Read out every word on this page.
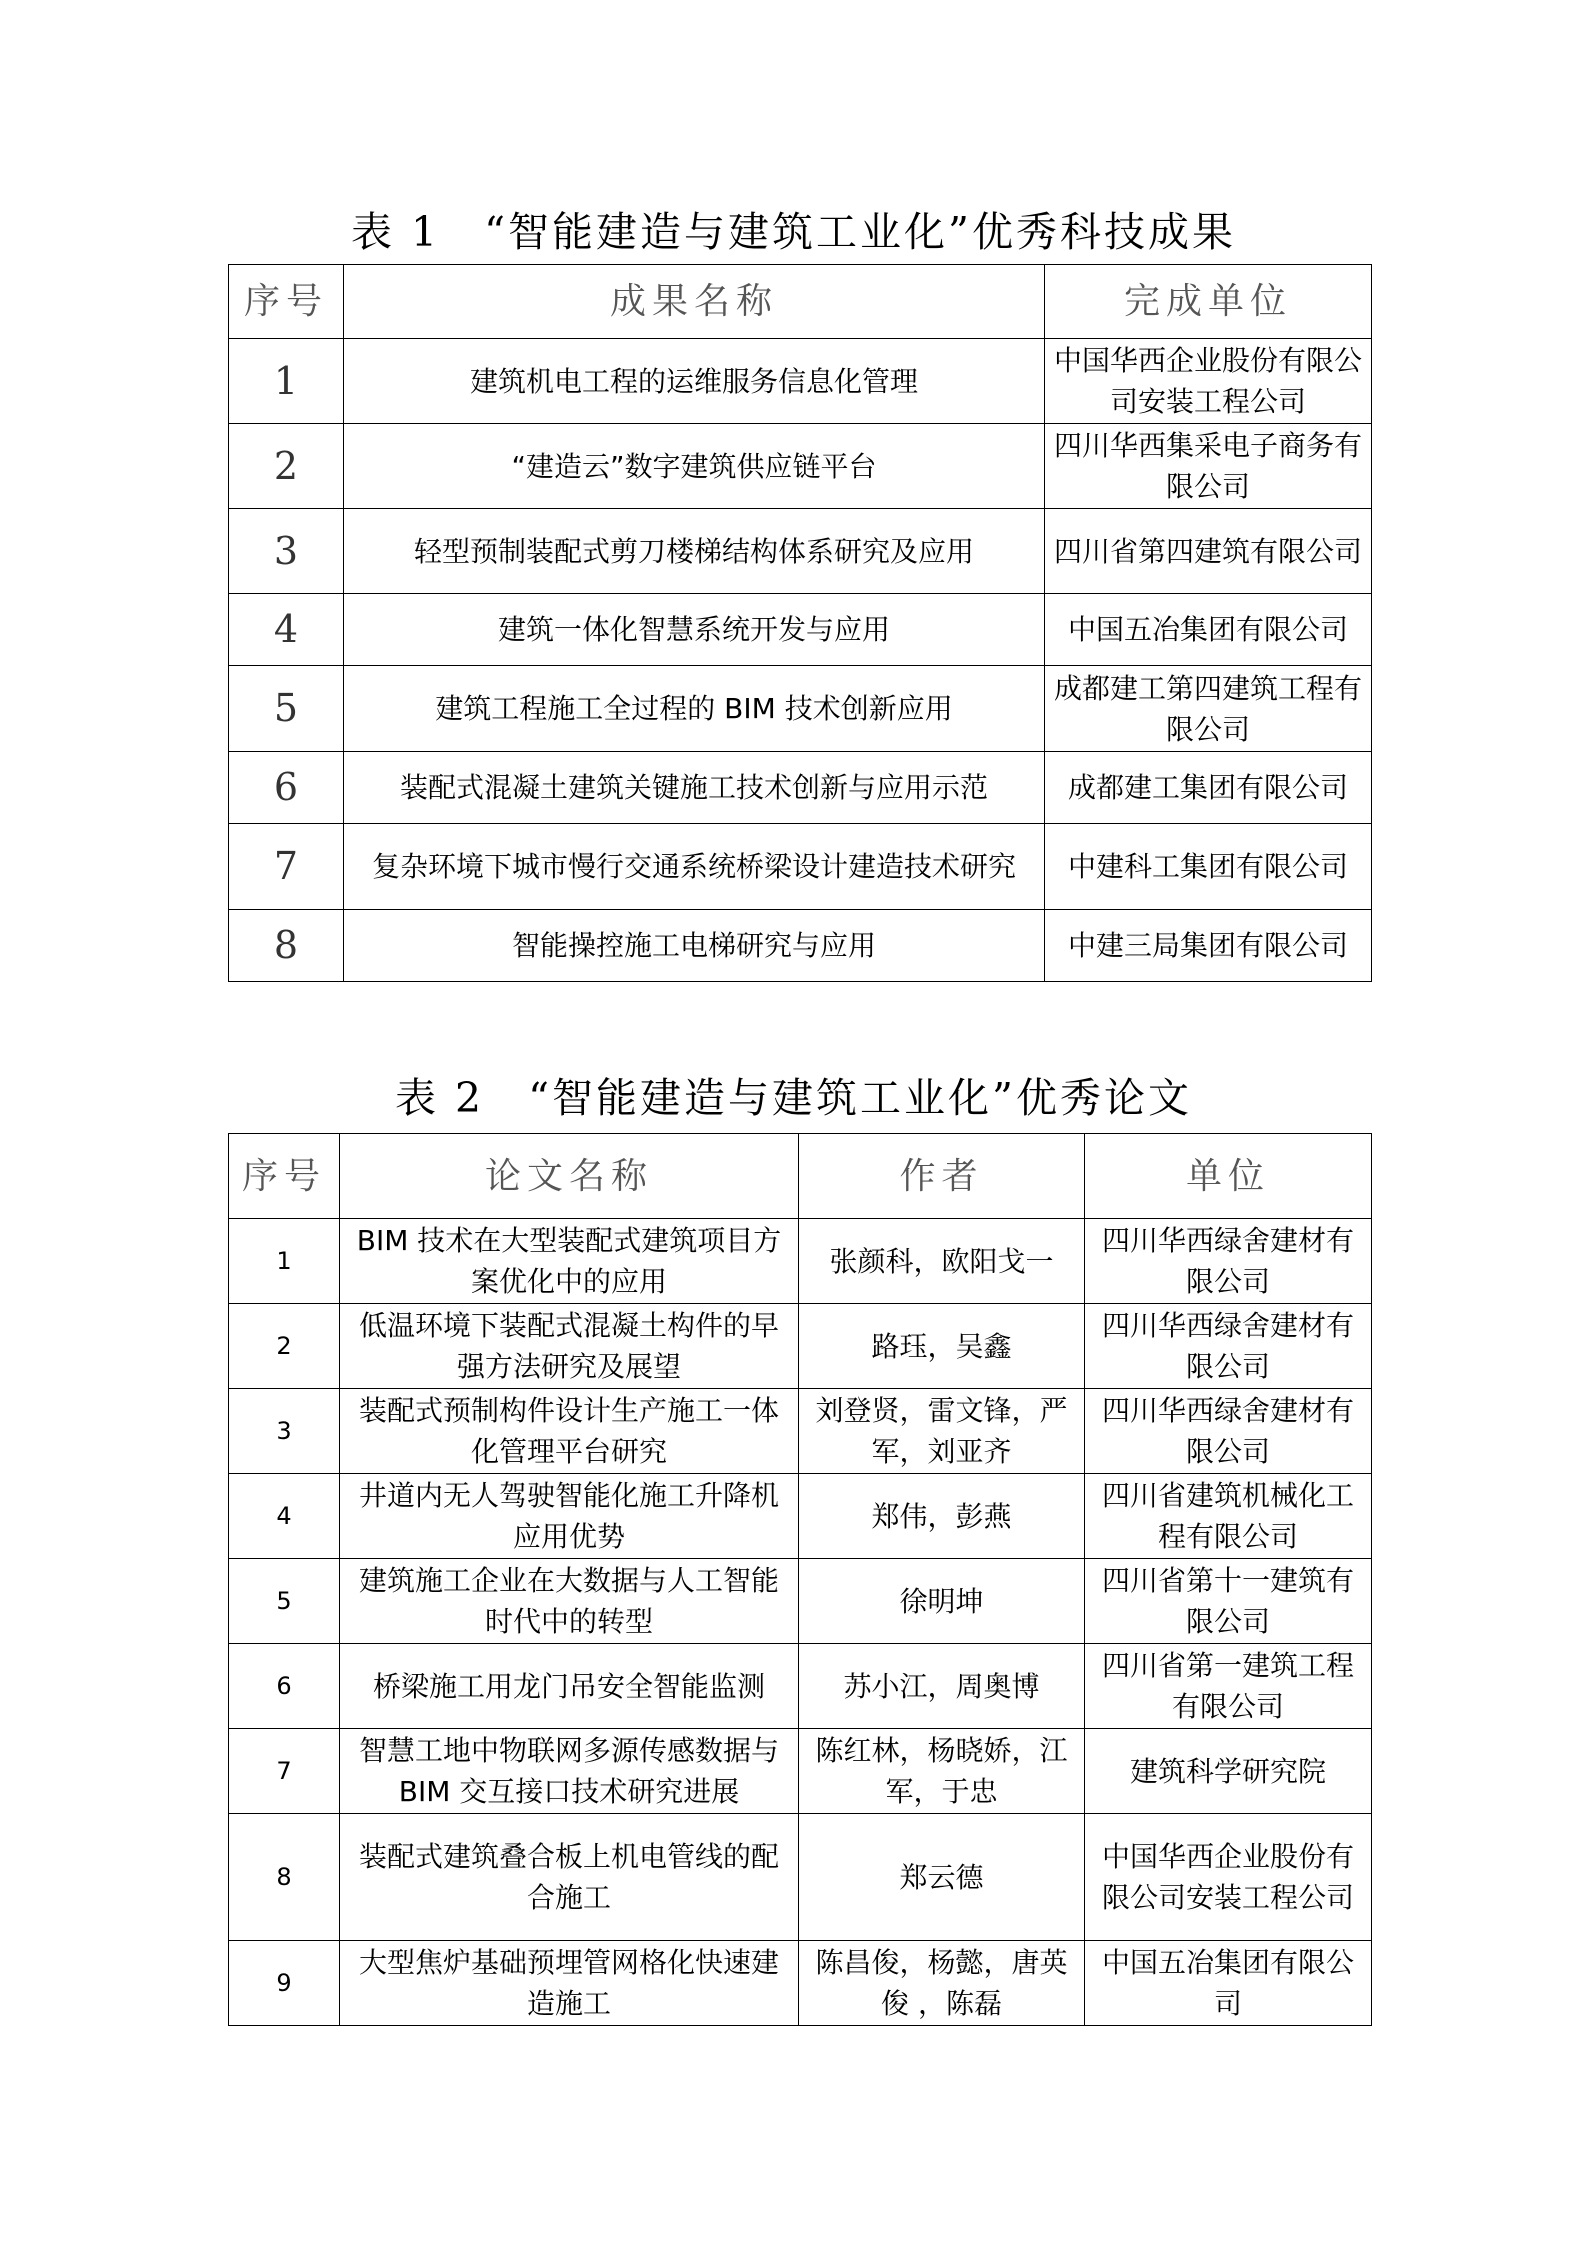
表 1　“智能建造与建筑工业化”优秀科技成果
序号	成果名称	完成单位
1	建筑机电工程的运维服务信息化管理	中国华西企业股份有限公司安装工程公司
2	“建造云”数字建筑供应链平台	四川华西集采电子商务有限公司
3	轻型预制装配式剪刀楼梯结构体系研究及应用	四川省第四建筑有限公司
4	建筑一体化智慧系统开发与应用	中国五冶集团有限公司
5	建筑工程施工全过程的 BIM 技术创新应用	成都建工第四建筑工程有限公司
6	装配式混凝土建筑关键施工技术创新与应用示范	成都建工集团有限公司
7	复杂环境下城市慢行交通系统桥梁设计建造技术研究	中建科工集团有限公司
8	智能操控施工电梯研究与应用	中建三局集团有限公司
表 2　“智能建造与建筑工业化”优秀论文
序号	论文名称	作者	单位
1	BIM 技术在大型装配式建筑项目方案优化中的应用	张颜科，欧阳戈一	四川华西绿舍建材有限公司
2	低温环境下装配式混凝土构件的早强方法研究及展望	路珏，吴鑫	四川华西绿舍建材有限公司
3	装配式预制构件设计生产施工一体化管理平台研究	刘登贤，雷文锋，严军，刘亚齐	四川华西绿舍建材有限公司
4	井道内无人驾驶智能化施工升降机应用优势	郑伟，彭燕	四川省建筑机械化工程有限公司
5	建筑施工企业在大数据与人工智能时代中的转型	徐明坤	四川省第十一建筑有限公司
6	桥梁施工用龙门吊安全智能监测	苏小江，周奥博	四川省第一建筑工程有限公司
7	智慧工地中物联网多源传感数据与 BIM 交互接口技术研究进展	陈红林，杨晓娇，江军，于忠	建筑科学研究院
8	装配式建筑叠合板上机电管线的配合施工	郑云德	中国华西企业股份有限公司安装工程公司
9	大型焦炉基础预埋管网格化快速建造施工	陈昌俊，杨懿，唐英俊 ，陈磊	中国五冶集团有限公司
